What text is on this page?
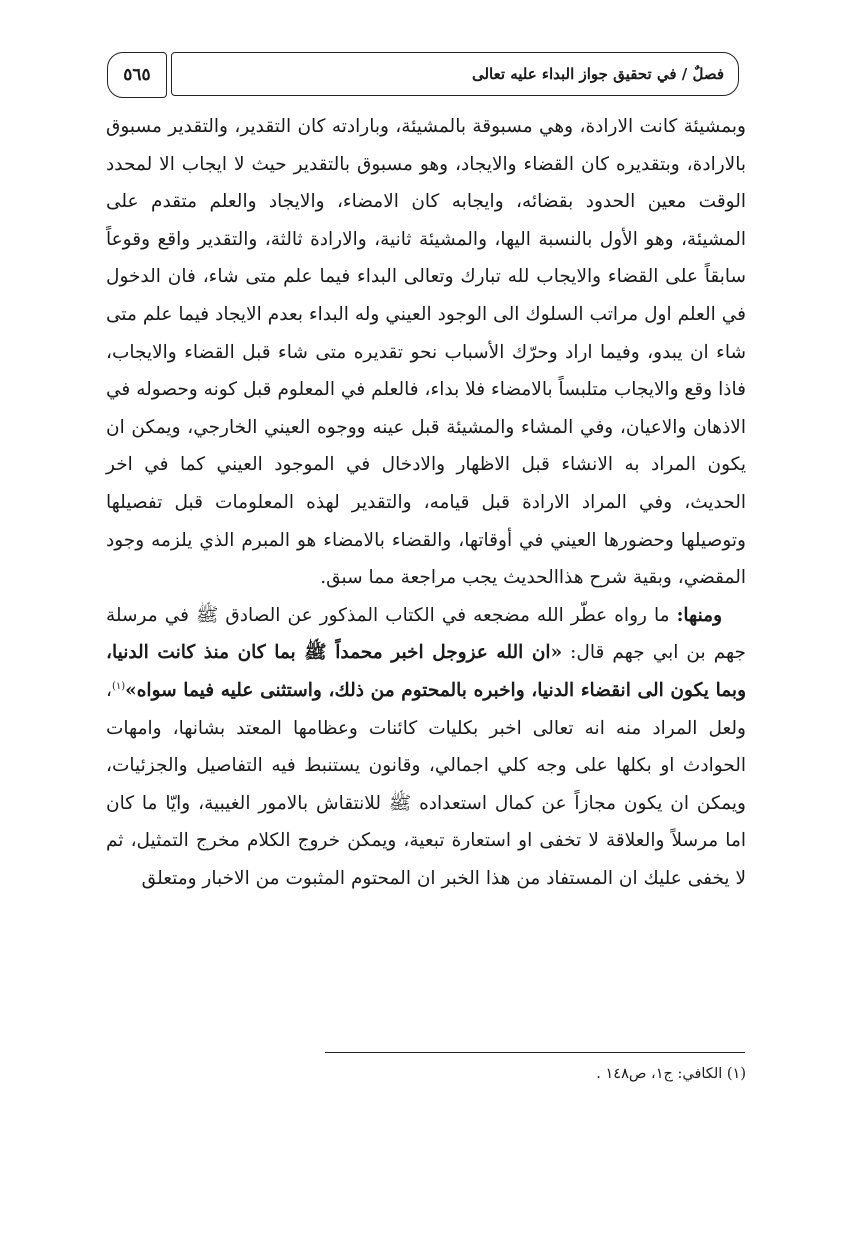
٥٦٥	فصلٌ / في تحقيق جواز البداء عليه تعالى

وبمشيئة كانت الارادة، وهي مسبوقة بالمشيئة، وبارادته كان التقدير، والتقدير مسبوق بالارادة، وبتقديره كان القضاء والايجاد، وهو مسبوق بالتقدير حيث لا ايجاب الا لمحدد الوقت معين الحدود بقضائه، وايجابه كان الامضاء، والايجاد والعلم متقدم على المشيئة، وهو الأول بالنسبة اليها، والمشيئة ثانية، والارادة ثالثة، والتقدير واقع وقوعاً سابقاً على القضاء والايجاب لله تبارك وتعالى البداء فيما علم متى شاء، فان الدخول في العلم اول مراتب السلوك الى الوجود العيني وله البداء بعدم الايجاد فيما علم متى شاء ان يبدو، وفيما اراد وحرّك الأسباب نحو تقديره متى شاء قبل القضاء والايجاب، فاذا وقع والايجاب متلبساً بالامضاء فلا بداء، فالعلم في المعلوم قبل كونه وحصوله في الاذهان والاعيان، وفي المشاء والمشيئة قبل عينه ووجوه العيني الخارجي، ويمكن ان يكون المراد به الانشاء قبل الاظهار والادخال في الموجود العيني كما في اخر الحديث، وفي المراد الارادة قبل قيامه، والتقدير لهذه المعلومات قبل تفصيلها وتوصيلها وحضورها العيني في أوقاتها، والقضاء بالامضاء هو المبرم الذي يلزمه وجود المقضي، وبقية شرح هذاالحديث يجب مراجعة مما سبق.

ومنها: ما رواه عطّر الله مضجعه في الكتاب المذكور عن الصادق ﷺ في مرسلة جهم بن ابي جهم قال: «ان الله عزوجل اخبر محمداً ﷺ بما كان منذ كانت الدنيا، وبما يكون الى انقضاء الدنيا، واخبره بالمحتوم من ذلك، واستثنى عليه فيما سواه»$^{(١)}$، ولعل المراد منه انه تعالى اخبر بكليات كائنات وعظامها المعتد بشانها، وامهات الحوادث او بكلها على وجه كلي اجمالي، وقانون يستنبط فيه التفاصيل والجزئيات، ويمكن ان يكون مجازاً عن كمال استعداده ﷺ للانتقاش بالامور الغيبية، وايّا ما كان اما مرسلاً والعلاقة لا تخفى او استعارة تبعية، ويمكن خروج الكلام مخرج التمثيل، ثم لا يخفى عليك ان المستفاد من هذا الخبر ان المحتوم المثبوت من الاخبار ومتعلق

(١) الكافي: ج١، ص١٤٨ .
